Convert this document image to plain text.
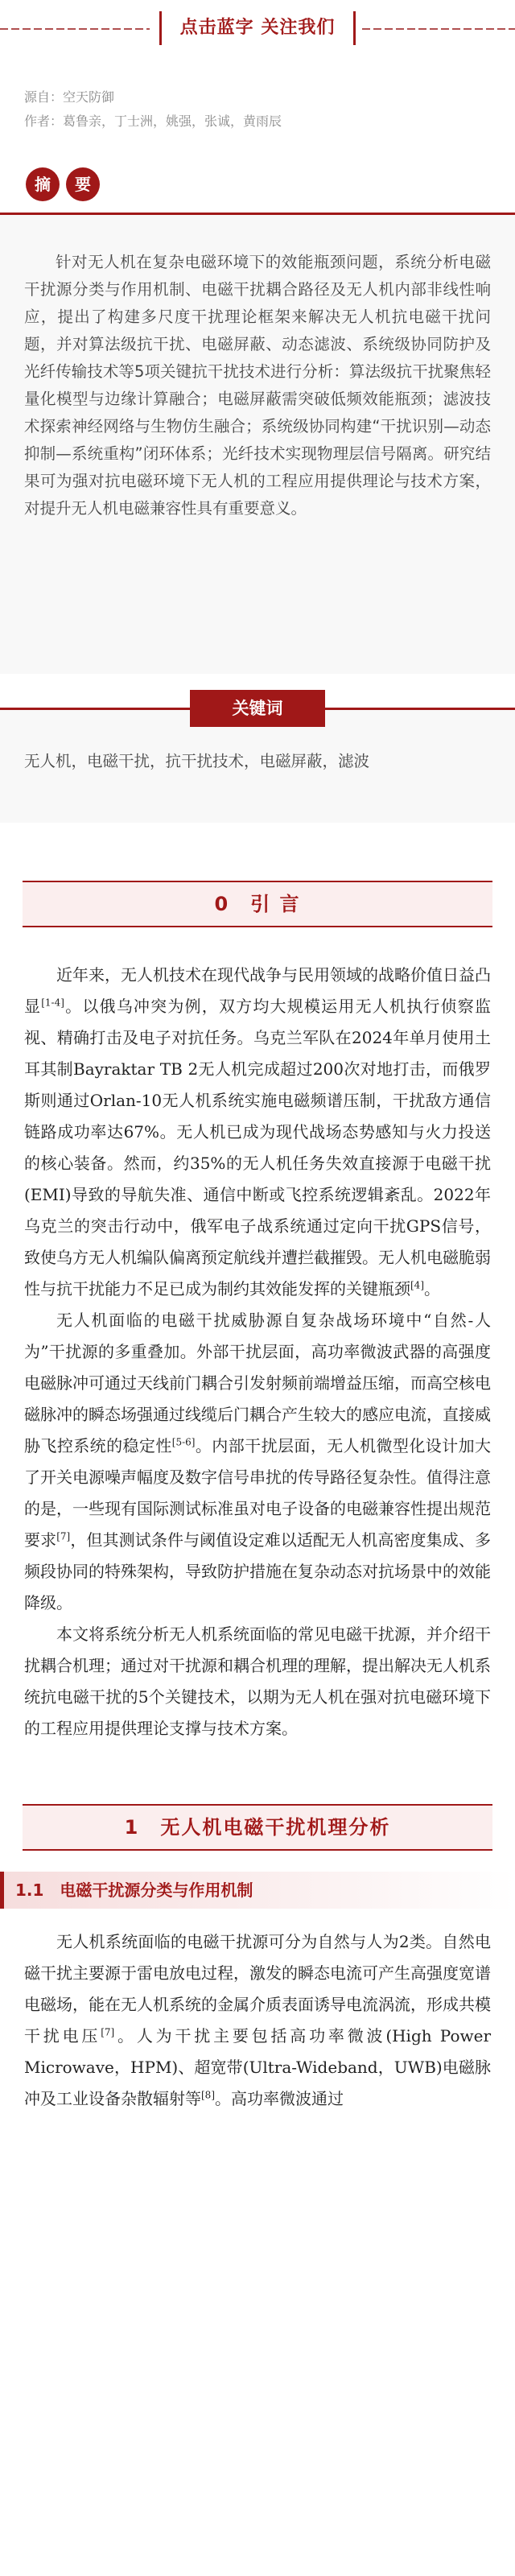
点击蓝字 关注我们
源自：空天防御
作者：葛鲁亲，丁士洲，姚强，张诚，黄雨辰
摘	要

针对无人机在复杂电磁环境下的效能瓶颈问题，系统分析电磁干扰源分类与作用机制、电磁干扰耦合路径及无人机内部非线性响应，提出了构建多尺度干扰理论框架来解决无人机抗电磁干扰问题，并对算法级抗干扰、电磁屏蔽、动态滤波、系统级协同防护及光纤传输技术等5项关键抗干扰技术进行分析：算法级抗干扰聚焦轻量化模型与边缘计算融合；电磁屏蔽需突破低频效能瓶颈；滤波技术探索神经网络与生物仿生融合；系统级协同构建“干扰识别—动态抑制—系统重构”闭环体系；光纤技术实现物理层信号隔离。研究结果可为强对抗电磁环境下无人机的工程应用提供理论与技术方案，对提升无人机电磁兼容性具有重要意义。

关键词
无人机，电磁干扰，抗干扰技术，电磁屏蔽，滤波
0　引 言

近年来，无人机技术在现代战争与民用领域的战略价值日益凸显[1-4]。以俄乌冲突为例，双方均大规模运用无人机执行侦察监视、精确打击及电子对抗任务。乌克兰军队在2024年单月使用土耳其制Bayraktar TB 2无人机完成超过200次对地打击，而俄罗斯则通过Orlan-10无人机系统实施电磁频谱压制，干扰敌方通信链路成功率达67%。无人机已成为现代战场态势感知与火力投送的核心装备。然而，约35%的无人机任务失效直接源于电磁干扰(EMI)导致的导航失准、通信中断或飞控系统逻辑紊乱。2022年乌克兰的突击行动中，俄军电子战系统通过定向干扰GPS信号，致使乌方无人机编队偏离预定航线并遭拦截摧毁。无人机电磁脆弱性与抗干扰能力不足已成为制约其效能发挥的关键瓶颈[4]。

无人机面临的电磁干扰威胁源自复杂战场环境中“自然-人为”干扰源的多重叠加。外部干扰层面，高功率微波武器的高强度电磁脉冲可通过天线前门耦合引发射频前端增益压缩，而高空核电磁脉冲的瞬态场强通过线缆后门耦合产生较大的感应电流，直接威胁飞控系统的稳定性[5-6]。内部干扰层面，无人机微型化设计加大了开关电源噪声幅度及数字信号串扰的传导路径复杂性。值得注意的是，一些现有国际测试标准虽对电子设备的电磁兼容性提出规范要求[7]，但其测试条件与阈值设定难以适配无人机高密度集成、多频段协同的特殊架构，导致防护措施在复杂动态对抗场景中的效能降级。

本文将系统分析无人机系统面临的常见电磁干扰源，并介绍干扰耦合机理；通过对干扰源和耦合机理的理解，提出解决无人机系统抗电磁干扰的5个关键技术，以期为无人机在强对抗电磁环境下的工程应用提供理论支撑与技术方案。

1　无人机电磁干扰机理分析
1.1　电磁干扰源分类与作用机制

无人机系统面临的电磁干扰源可分为自然与人为2类。自然电磁干扰主要源于雷电放电过程，激发的瞬态电流可产生高强度宽谱电磁场，能在无人机系统的金属介质表面诱导电流涡流，形成共模干扰电压[7]。人为干扰主要包括高功率微波(High Power Microwave，HPM)、超宽带(Ultra-Wideband，UWB)电磁脉冲及工业设备杂散辐射等[8]。高功率微波通过
